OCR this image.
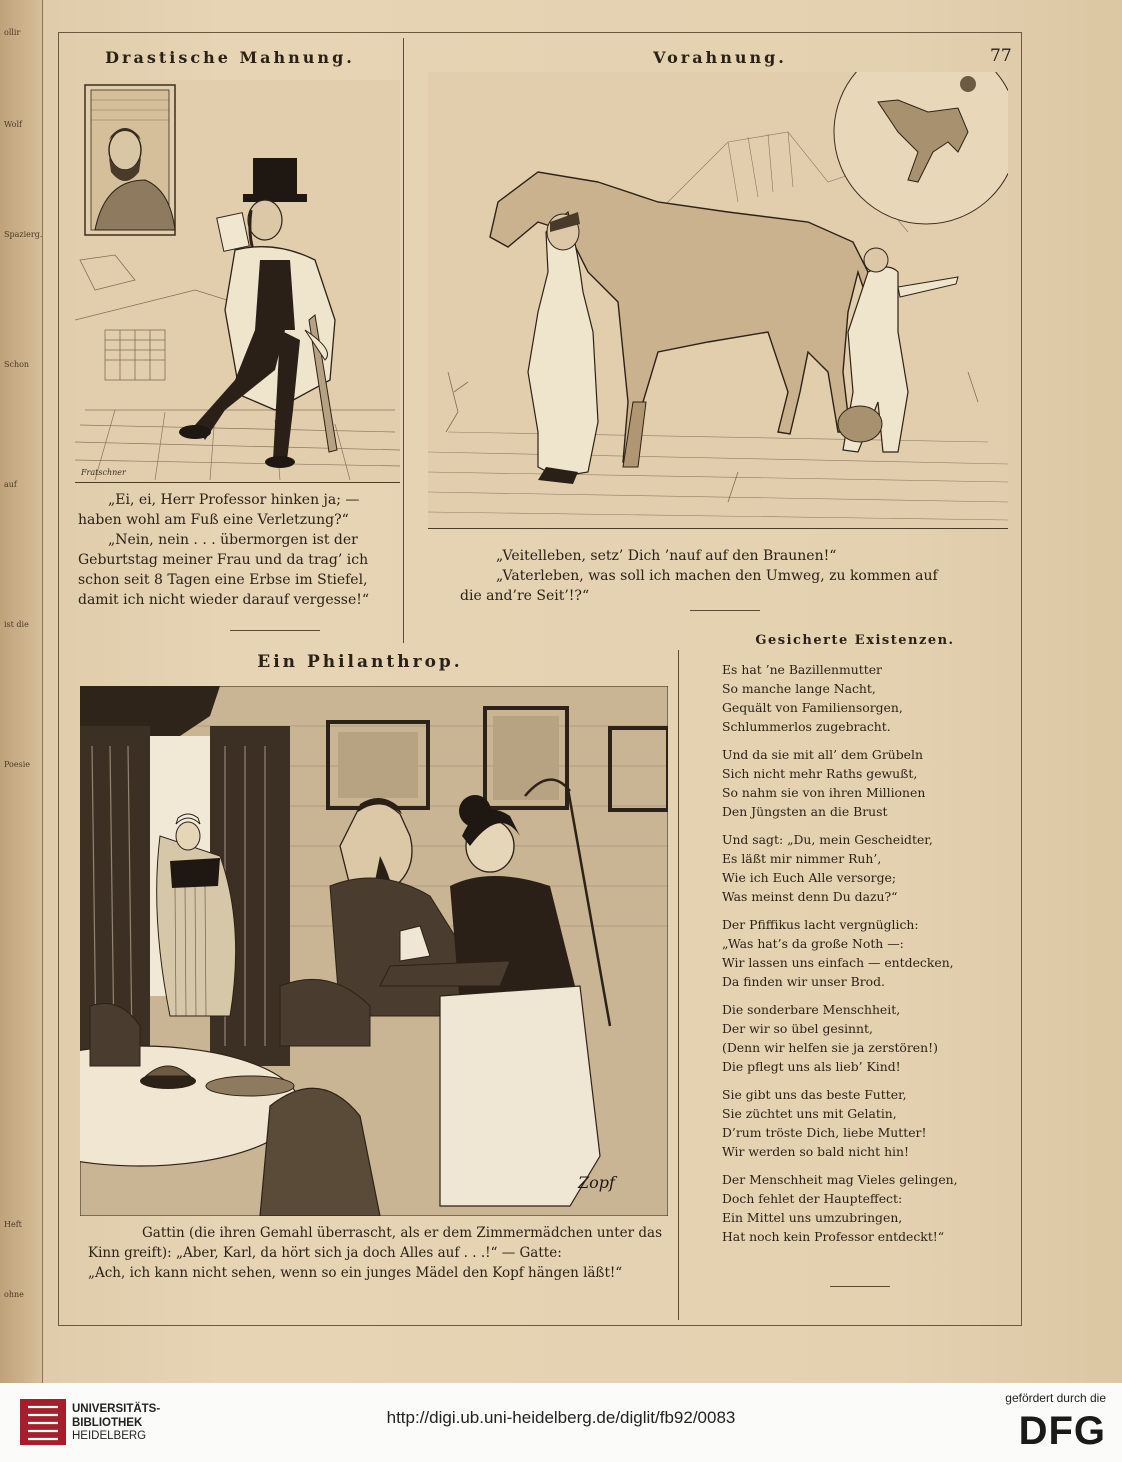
ollir
Wolf
Spazierg.
Schon
auf
ist die
Poesie
Heft
ohne
Drastische Mahnung.	Vorahnung.	77
Fratschner
„Ei, ei, Herr Professor hinken ja; —
haben wohl am Fuß eine Verletzung?“
„Nein, nein . . . übermorgen ist der
Geburtstag meiner Frau und da trag’ ich
schon seit 8 Tagen eine Erbse im Stiefel,
damit ich nicht wieder darauf vergesse!“
„Veitelleben, setz’ Dich ’nauf auf den Braunen!“
„Vaterleben, was soll ich machen den Umweg, zu kommen auf
die and’re Seit’!?“
Ein Philanthrop.
Zopf
Gattin (die ihren Gemahl überrascht, als er dem Zimmermädchen unter das
Kinn greift): „Aber, Karl, da hört sich ja doch Alles auf . . .!“ — Gatte:
„Ach, ich kann nicht sehen, wenn so ein junges Mädel den Kopf hängen läßt!“
Gesicherte Existenzen.
Es hat ’ne Bazillenmutter
So manche lange Nacht,
Gequält von Familiensorgen,
Schlummerlos zugebracht.
Und da sie mit all’ dem Grübeln
Sich nicht mehr Raths gewußt,
So nahm sie von ihren Millionen
Den Jüngsten an die Brust
Und sagt: „Du, mein Gescheidter,
Es läßt mir nimmer Ruh’,
Wie ich Euch Alle versorge;
Was meinst denn Du dazu?“
Der Pfiffikus lacht vergnüglich:
„Was hat’s da große Noth —:
Wir lassen uns einfach — entdecken,
Da finden wir unser Brod.
Die sonderbare Menschheit,
Der wir so übel gesinnt,
(Denn wir helfen sie ja zerstören!)
Die pflegt uns als lieb’ Kind!
Sie gibt uns das beste Futter,
Sie züchtet uns mit Gelatin,
D’rum tröste Dich, liebe Mutter!
Wir werden so bald nicht hin!
Der Menschheit mag Vieles gelingen,
Doch fehlet der Haupteffect:
Ein Mittel uns umzubringen,
Hat noch kein Professor entdeckt!“
UNIVERSITÄTS-
BIBLIOTHEK
HEIDELBERG
http://digi.ub.uni-heidelberg.de/diglit/fb92/0083
gefördert durch die
DFG
